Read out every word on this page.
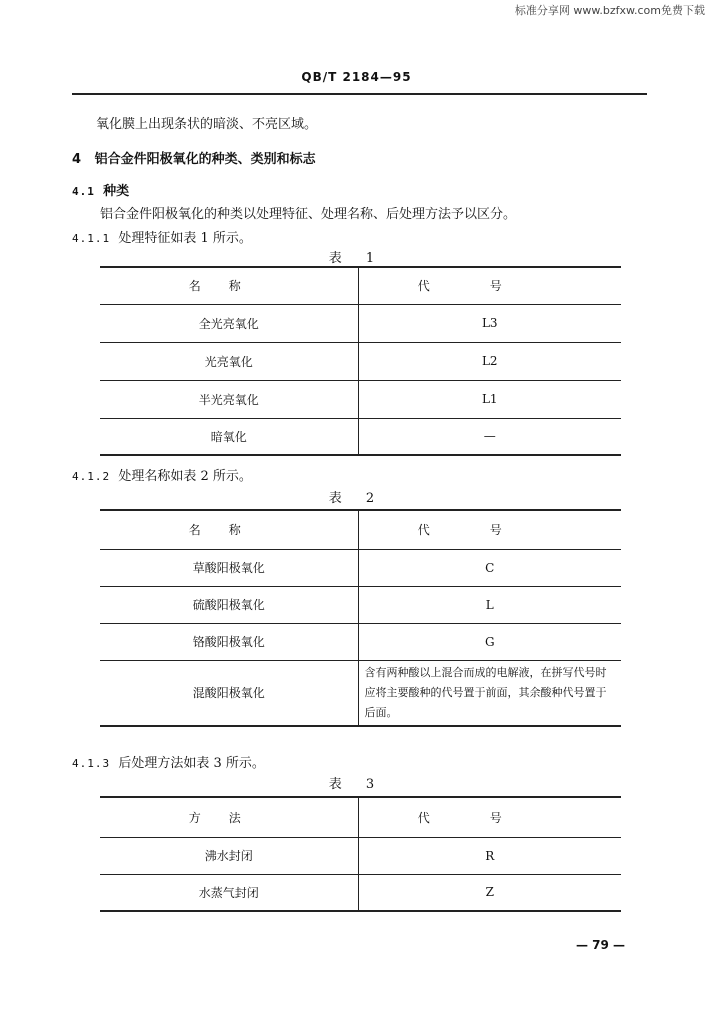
标准分享网 www.bzfxw.com免费下载
QB/T 2184—95
氧化膜上出现条状的暗淡、不亮区域。
4 铝合金件阳极氧化的种类、类别和标志
4.1 种类
铝合金件阳极氧化的种类以处理特征、处理名称、后处理方法予以区分。
4.1.1 处理特征如表 1 所示。
表 1
名称	代号
全光亮氧化	L3
光亮氧化	L2
半光亮氧化	L1
暗氧化	—
4.1.2 处理名称如表 2 所示。
表 2
名称	代号
草酸阳极氧化	C
硫酸阳极氧化	L
铬酸阳极氧化	G
混酸阳极氧化	含有两种酸以上混合而成的电解液，在拼写代号时应将主要酸种的代号置于前面，其余酸种代号置于后面。
4.1.3 后处理方法如表 3 所示。
表 3
方法	代号
沸水封闭	R
水蒸气封闭	Z
— 79 —
